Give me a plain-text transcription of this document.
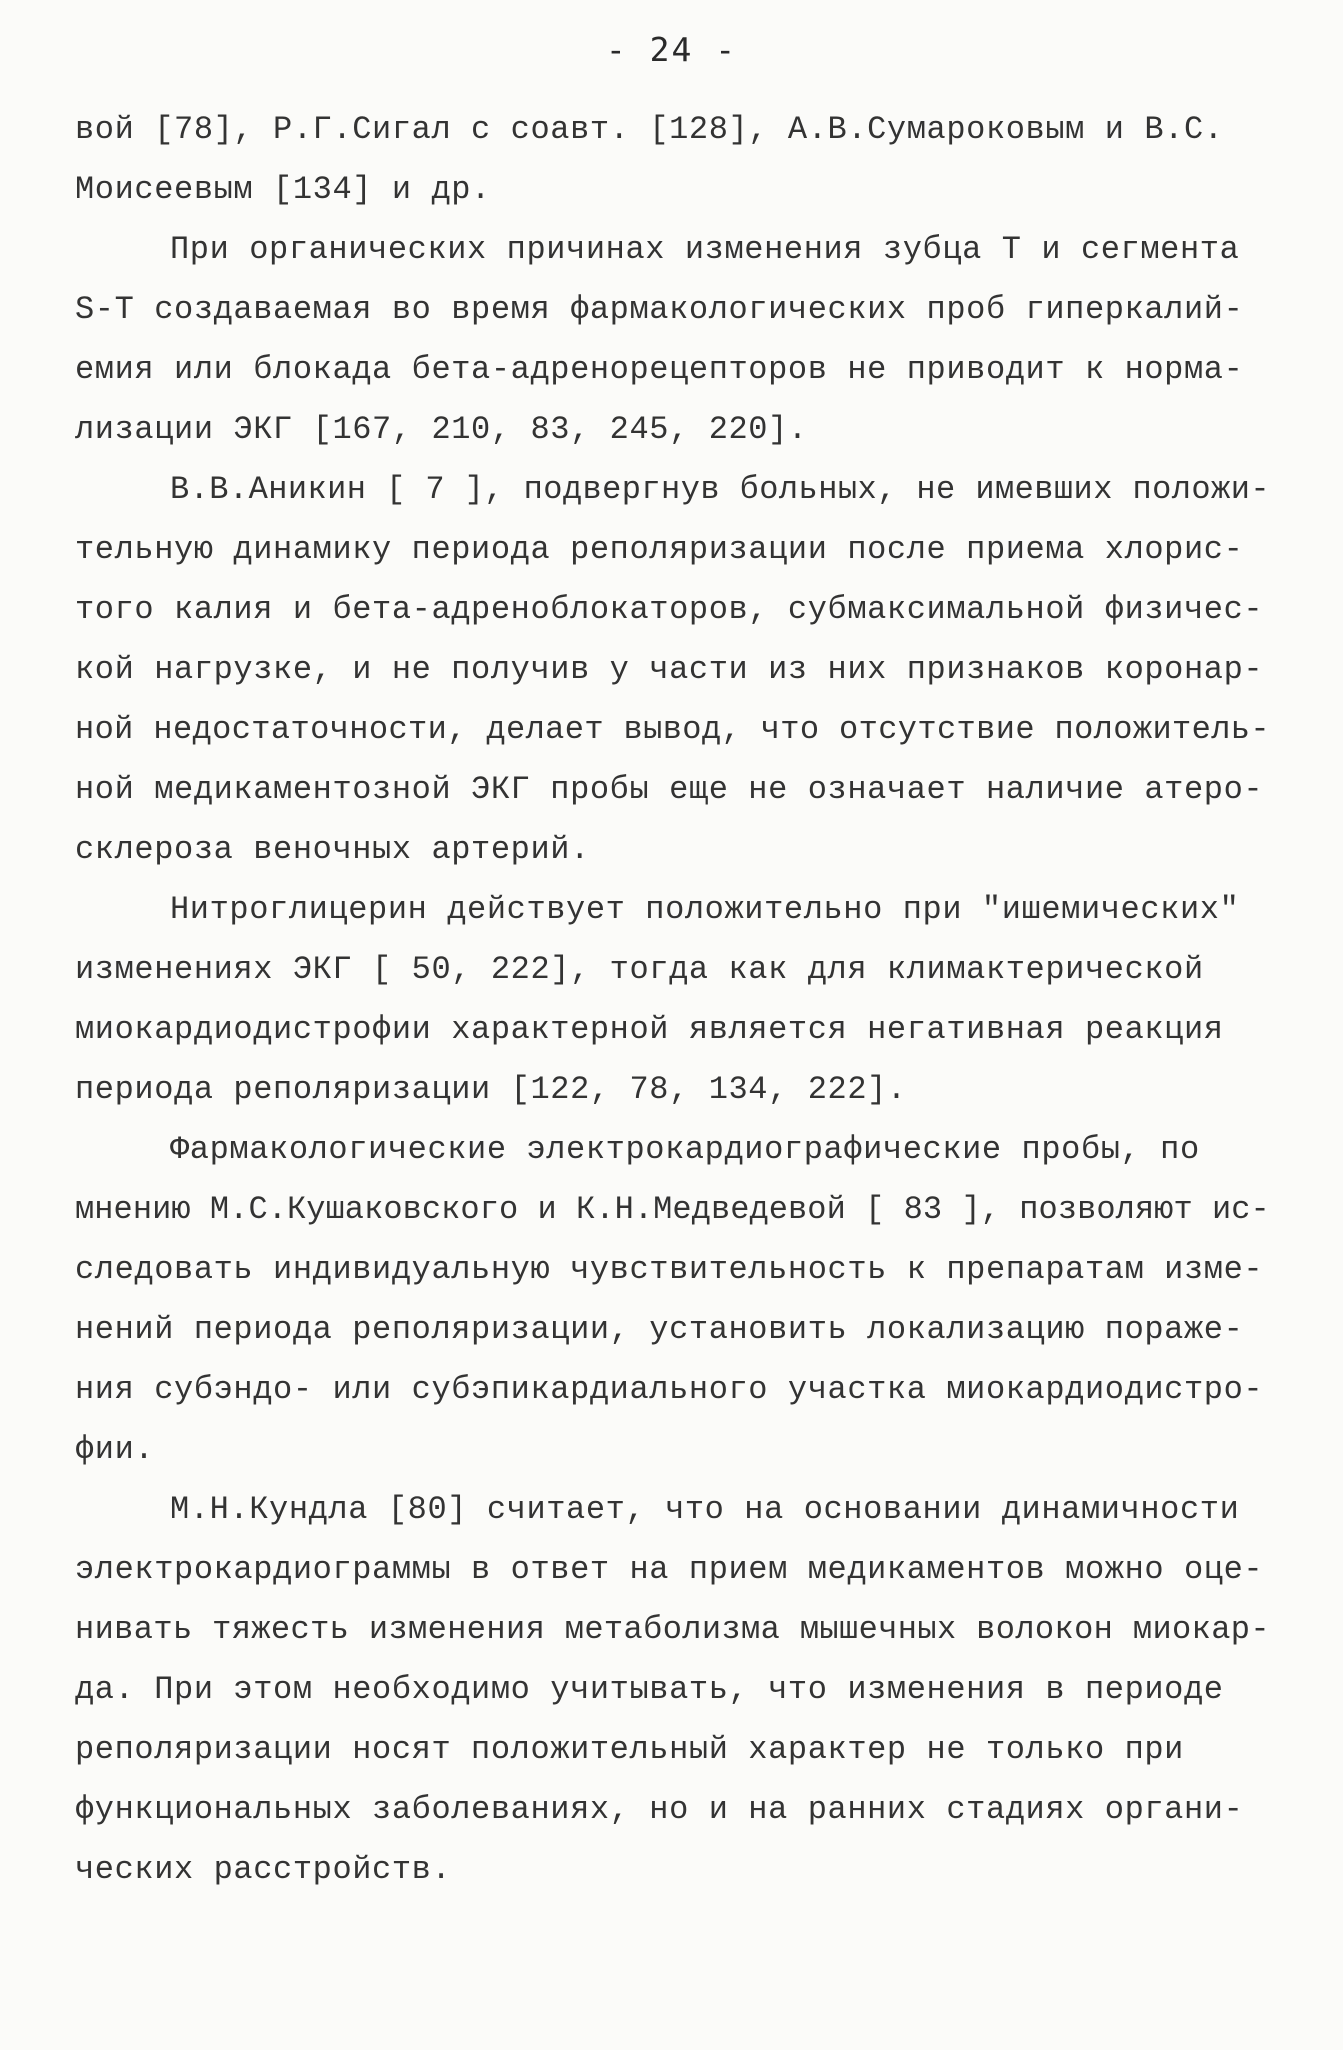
- 24 -
вой [78], Р.Г.Сигал с соавт. [128], А.В.Сумароковым и В.С.
Моисеевым [134] и др.
При органических причинах изменения зубца Т и сегмента
S-Т создаваемая во время фармакологических проб гиперкалий-
емия или блокада бета-адренорецепторов не приводит к норма-
лизации ЭКГ [167, 210, 83, 245, 220].
В.В.Аникин [ 7 ], подвергнув больных, не имевших положи-
тельную динамику периода реполяризации после приема хлорис-
того калия и бета-адреноблокаторов, субмаксимальной физичес-
кой нагрузке, и не получив у части из них признаков коронар-
ной недостаточности, делает вывод, что отсутствие положитель-
ной медикаментозной ЭКГ пробы еще не означает наличие атеро-
склероза веночных артерий.
Нитроглицерин действует положительно при "ишемических"
изменениях ЭКГ [ 50, 222], тогда как для климактерической
миокардиодистрофии характерной является негативная реакция
периода реполяризации [122, 78, 134, 222].
Фармакологические электрокардиографические пробы, по
мнению М.С.Кушаковского и К.Н.Медведевой [ 83 ], позволяют ис-
следовать индивидуальную чувствительность к препаратам изме-
нений периода реполяризации, установить локализацию пораже-
ния субэндо- или субэпикардиального участка миокардиодистро-
фии.
М.Н.Кундла [80] считает, что на основании динамичности
электрокардиограммы в ответ на прием медикаментов можно оце-
нивать тяжесть изменения метаболизма мышечных волокон миокар-
да. При этом необходимо учитывать, что изменения в периоде
реполяризации носят положительный характер не только при
функциональных заболеваниях, но и на ранних стадиях органи-
ческих расстройств.
